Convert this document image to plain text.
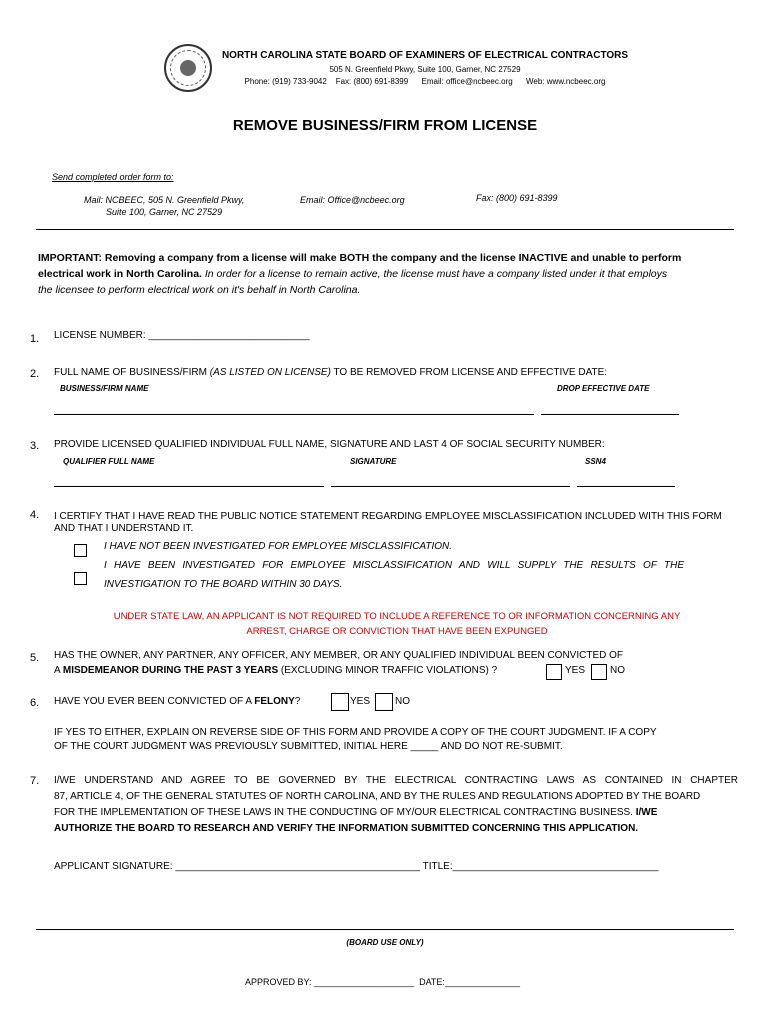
NORTH CAROLINA STATE BOARD OF EXAMINERS OF ELECTRICAL CONTRACTORS
505 N. Greenfield Pkwy, Suite 100, Garner, NC 27529
Phone: (919) 733-9042    Fax: (800) 691-8399      Email: office@ncbeec.org      Web: www.ncbeec.org
REMOVE BUSINESS/FIRM FROM LICENSE
Send completed order form to:
Mail: NCBEEC, 505 N. Greenfield Pkwy,
Suite 100, Garner, NC 27529
Email: Office@ncbeec.org	Fax: (800) 691-8399
IMPORTANT: Removing a company from a license will make BOTH the company and the license INACTIVE and unable to perform
electrical work in North Carolina. In order for a license to remain active, the license must have a company listed under it that employs
the licensee to perform electrical work on it's behalf in North Carolina.
1. LICENSE NUMBER: _____________________________
2. FULL NAME OF BUSINESS/FIRM (AS LISTED ON LICENSE) TO BE REMOVED FROM LICENSE AND EFFECTIVE DATE:
BUSINESS/FIRM NAME	DROP EFFECTIVE DATE
3. PROVIDE LICENSED QUALIFIED INDIVIDUAL FULL NAME, SIGNATURE AND LAST 4 OF SOCIAL SECURITY NUMBER:
QUALIFIER FULL NAME	SIGNATURE	SSN4
4. I CERTIFY THAT I HAVE READ THE PUBLIC NOTICE STATEMENT REGARDING EMPLOYEE MISCLASSIFICATION INCLUDED WITH THIS FORM
AND THAT I UNDERSTAND IT.
I HAVE NOT BEEN INVESTIGATED FOR EMPLOYEE MISCLASSIFICATION.
I HAVE BEEN INVESTIGATED FOR EMPLOYEE MISCLASSIFICATION AND WILL SUPPLY THE RESULTS OF THE
INVESTIGATION TO THE BOARD WITHIN 30 DAYS.
UNDER STATE LAW, AN APPLICANT IS NOT REQUIRED TO INCLUDE A REFERENCE TO OR INFORMATION CONCERNING ANY
ARREST, CHARGE OR CONVICTION THAT HAVE BEEN EXPUNGED
5. HAS THE OWNER, ANY PARTNER, ANY OFFICER, ANY MEMBER, OR ANY QUALIFIED INDIVIDUAL BEEN CONVICTED OF
A MISDEMEANOR DURING THE PAST 3 YEARS (EXCLUDING MINOR TRAFFIC VIOLATIONS) ?	YES NO
6. HAVE YOU EVER BEEN CONVICTED OF A FELONY?	YES NO
IF YES TO EITHER, EXPLAIN ON REVERSE SIDE OF THIS FORM AND PROVIDE A COPY OF THE COURT JUDGMENT. IF A COPY
OF THE COURT JUDGMENT WAS PREVIOUSLY SUBMITTED, INITIAL HERE _____ AND DO NOT RE-SUBMIT.
7. I/WE UNDERSTAND AND AGREE TO BE GOVERNED BY THE ELECTRICAL CONTRACTING LAWS AS CONTAINED IN CHAPTER
87, ARTICLE 4, OF THE GENERAL STATUTES OF NORTH CAROLINA, AND BY THE RULES AND REGULATIONS ADOPTED BY THE BOARD
FOR THE IMPLEMENTATION OF THESE LAWS IN THE CONDUCTING OF MY/OUR ELECTRICAL CONTRACTING BUSINESS. I/WE
AUTHORIZE THE BOARD TO RESEARCH AND VERIFY THE INFORMATION SUBMITTED CONCERNING THIS APPLICATION.
APPLICANT SIGNATURE: ____________________________________________ TITLE:_____________________________________
(BOARD USE ONLY)
APPROVED BY: ____________________  DATE:_______________
